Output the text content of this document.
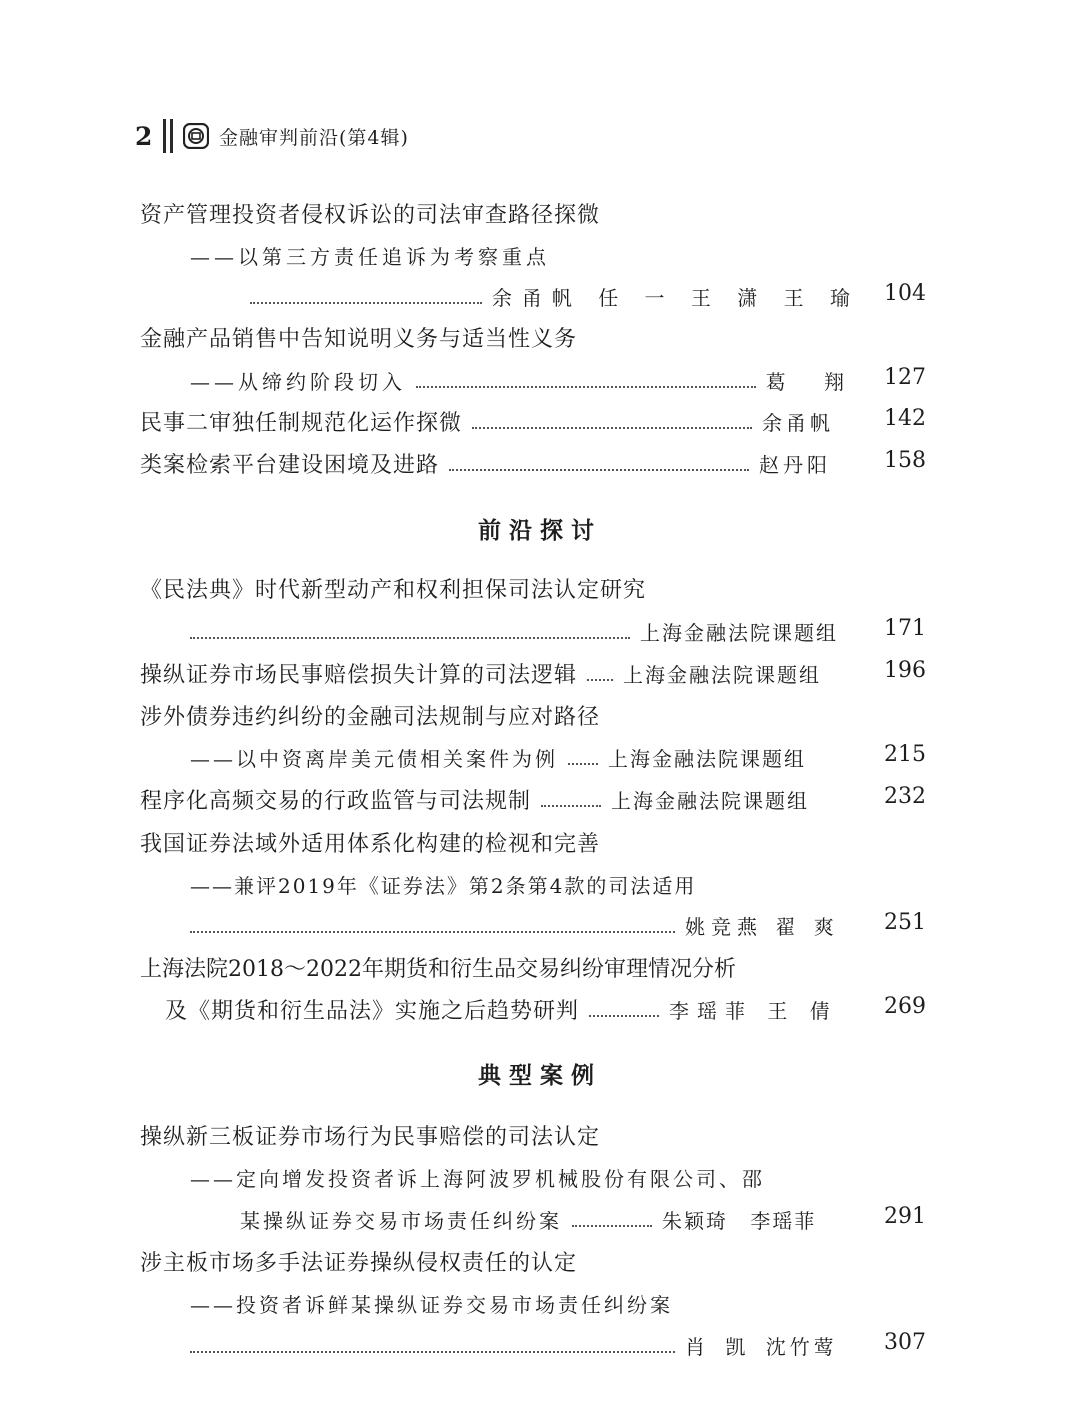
2	金融审判前沿(第4辑)
资产管理投资者侵权诉讼的司法审查路径探微
——以第三方责任追诉为考察重点
余甬帆 任 一 王 潇 王 瑜 104
金融产品销售中告知说明义务与适当性义务
——从缔约阶段切入	葛 翔 127
民事二审独任制规范化运作探微	余甬帆 142
类案检索平台建设困境及进路	赵丹阳 158
前沿探讨
《民法典》时代新型动产和权利担保司法认定研究
上海金融法院课题组 171
操纵证券市场民事赔偿损失计算的司法逻辑 上海金融法院课题组	196
涉外债券违约纠纷的金融司法规制与应对路径
——以中资离岸美元债相关案件为例	上海金融法院课题组	215
程序化高频交易的行政监管与司法规制	上海金融法院课题组	232
我国证券法域外适用体系化构建的检视和完善
——兼评2019年《证券法》第2条第4款的司法适用
姚竞燕 翟 爽 251
上海法院2018～2022年期货和衍生品交易纠纷审理情况分析
及《期货和衍生品法》实施之后趋势研判	李瑶菲 王 倩 269
典型案例
操纵新三板证券市场行为民事赔偿的司法认定
——定向增发投资者诉上海阿波罗机械股份有限公司、邵
某操纵证券交易市场责任纠纷案	朱颖琦 李瑶菲	291
涉主板市场多手法证券操纵侵权责任的认定
——投资者诉鲜某操纵证券交易市场责任纠纷案
肖 凯 沈竹莺 307
